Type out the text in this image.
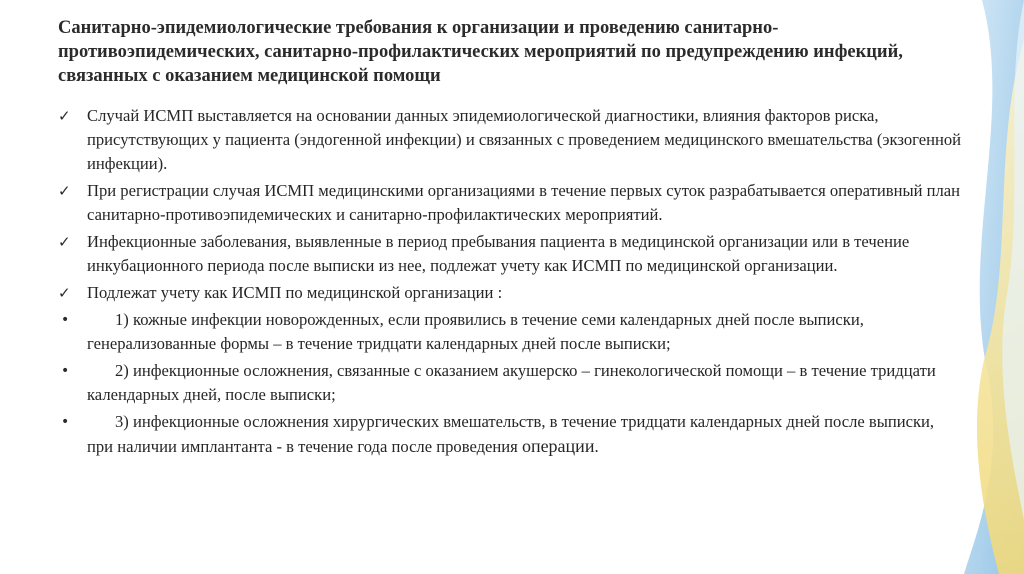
Санитарно-эпидемиологические требования к организации и проведению санитарно-противоэпидемических, санитарно-профилактических мероприятий по предупреждению инфекций, связанных с оказанием медицинской помощи
✓ Случай ИСМП выставляется на основании данных эпидемиологической диагностики, влияния факторов риска, присутствующих у пациента (эндогенной инфекции) и связанных с проведением медицинского вмешательства (экзогенной инфекции).
✓ При регистрации случая ИСМП медицинскими организациями в течение первых суток разрабатывается оперативный план санитарно-противоэпидемических и санитарно-профилактических мероприятий.
✓ Инфекционные заболевания, выявленные в период пребывания пациента в медицинской организации или в течение инкубационного периода после выписки из нее, подлежат учету как ИСМП по медицинской организации.
✓ Подлежат учету как ИСМП по медицинской организации :
•	1) кожные инфекции новорожденных, если проявились в течение семи календарных дней после выписки, генерализованные формы – в течение тридцати календарных дней после выписки;
•	2) инфекционные осложнения, связанные с оказанием акушерско – гинекологической помощи – в течение тридцати календарных дней, после выписки;
•	3) инфекционные осложнения хирургических вмешательств, в течение тридцати календарных дней после выписки, при наличии имплантанта - в течение года после проведения операции.
